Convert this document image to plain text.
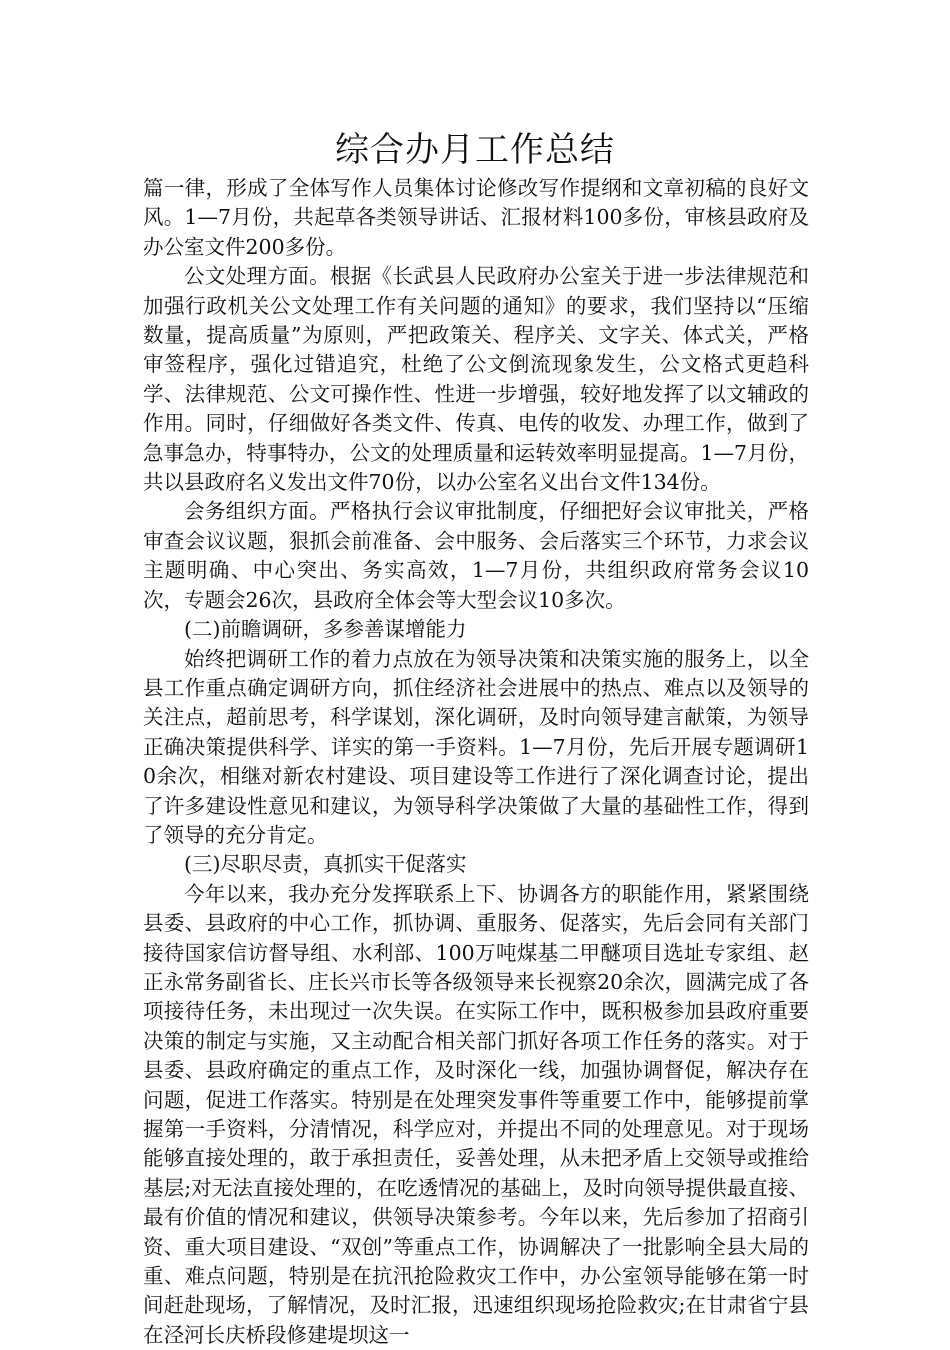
综合办月工作总结

篇一律，形成了全体写作人员集体讨论修改写作提纲和文章初稿的良好文风。1—7月份，共起草各类领导讲话、汇报材料100多份，审核县政府及办公室文件200多份。

公文处理方面。根据《长武县人民政府办公室关于进一步法律规范和加强行政机关公文处理工作有关问题的通知》的要求，我们坚持以“压缩数量，提高质量”为原则，严把政策关、程序关、文字关、体式关，严格审签程序，强化过错追究，杜绝了公文倒流现象发生，公文格式更趋科学、法律规范、公文可操作性、性进一步增强，较好地发挥了以文辅政的作用。同时，仔细做好各类文件、传真、电传的收发、办理工作，做到了急事急办，特事特办，公文的处理质量和运转效率明显提高。1—7月份，共以县政府名义发出文件70份，以办公室名义出台文件134份。

会务组织方面。严格执行会议审批制度，仔细把好会议审批关，严格审查会议议题，狠抓会前准备、会中服务、会后落实三个环节，力求会议主题明确、中心突出、务实高效，1—7月份，共组织政府常务会议10次，专题会26次，县政府全体会等大型会议10多次。

(二)前瞻调研，多参善谋增能力

始终把调研工作的着力点放在为领导决策和决策实施的服务上，以全县工作重点确定调研方向，抓住经济社会进展中的热点、难点以及领导的关注点，超前思考，科学谋划，深化调研，及时向领导建言献策，为领导正确决策提供科学、详实的第一手资料。1—7月份，先后开展专题调研10余次，相继对新农村建设、项目建设等工作进行了深化调查讨论，提出了许多建设性意见和建议，为领导科学决策做了大量的基础性工作，得到了领导的充分肯定。

(三)尽职尽责，真抓实干促落实

今年以来，我办充分发挥联系上下、协调各方的职能作用，紧紧围绕县委、县政府的中心工作，抓协调、重服务、促落实，先后会同有关部门接待国家信访督导组、水利部、100万吨煤基二甲醚项目选址专家组、赵正永常务副省长、庄长兴市长等各级领导来长视察20余次，圆满完成了各项接待任务，未出现过一次失误。在实际工作中，既积极参加县政府重要决策的制定与实施，又主动配合相关部门抓好各项工作任务的落实。对于县委、县政府确定的重点工作，及时深化一线，加强协调督促，解决存在问题，促进工作落实。特别是在处理突发事件等重要工作中，能够提前掌握第一手资料，分清情况，科学应对，并提出不同的处理意见。对于现场能够直接处理的，敢于承担责任，妥善处理，从未把矛盾上交领导或推给基层;对无法直接处理的，在吃透情况的基础上，及时向领导提供最直接、最有价值的情况和建议，供领导决策参考。今年以来，先后参加了招商引资、重大项目建设、“双创”等重点工作，协调解决了一批影响全县大局的重、难点问题，特别是在抗汛抢险救灾工作中，办公室领导能够在第一时间赶赴现场，了解情况，及时汇报，迅速组织现场抢险救灾;在甘肃省宁县在泾河长庆桥段修建堤坝这一
